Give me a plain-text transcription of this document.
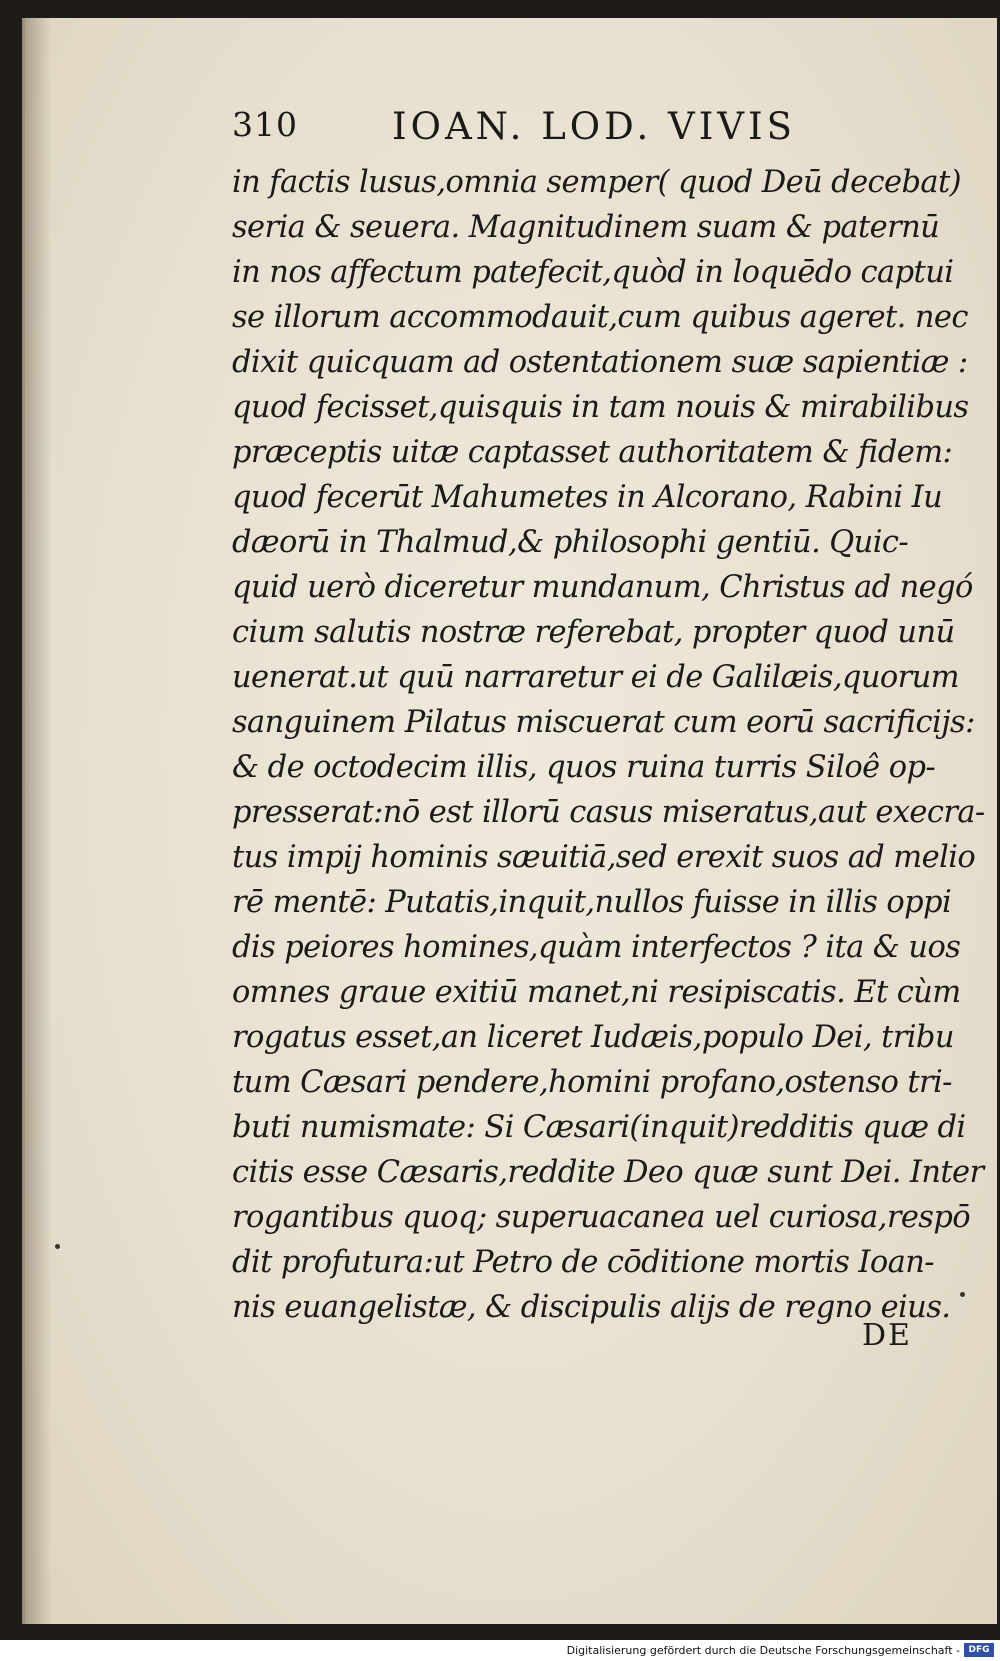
310	IOAN. LOD. VIVIS
in factis lusus,omnia semper( quod Deū decebat)
seria & seuera. Magnitudinem suam & paternū
in nos affectum patefecit,quòd in loquēdo captui
se illorum accommodauit,cum quibus ageret. nec
dixit quicquam ad ostentationem suæ sapientiæ :
quod fecisset,quisquis in tam nouis & mirabilibus
præceptis uitæ captasset authoritatem & fidem:
quod fecerūt Mahumetes in Alcorano, Rabini Iu
dæorū in Thalmud,& philosophi gentiū. Quic-
quid uerò diceretur mundanum, Christus ad negó
cium salutis nostræ referebat, propter quod unū
uenerat.ut quū narraretur ei de Galilæis,quorum
sanguinem Pilatus miscuerat cum eorū sacrificijs:
& de octodecim illis, quos ruina turris Siloê op-
presserat:nō est illorū casus miseratus,aut execra-
tus impij hominis sæuitiā,sed erexit suos ad melio
rē mentē: Putatis,inquit,nullos fuisse in illis oppi
dis peiores homines,quàm interfectos ? ita & uos
omnes graue exitiū manet,ni resipiscatis. Et cùm
rogatus esset,an liceret Iudæis,populo Dei, tribu
tum Cæsari pendere,homini profano,ostenso tri-
buti numismate: Si Cæsari(inquit)redditis quæ di
citis esse Cæsaris,reddite Deo quæ sunt Dei. Inter
rogantibus quoq; superuacanea uel curiosa,respō
dit profutura:ut Petro de cōditione mortis Ioan-
nis euangelistæ, & discipulis alijs de regno eius.
DE
Digitalisierung gefördert durch die Deutsche Forschungsgemeinschaft - DFG
